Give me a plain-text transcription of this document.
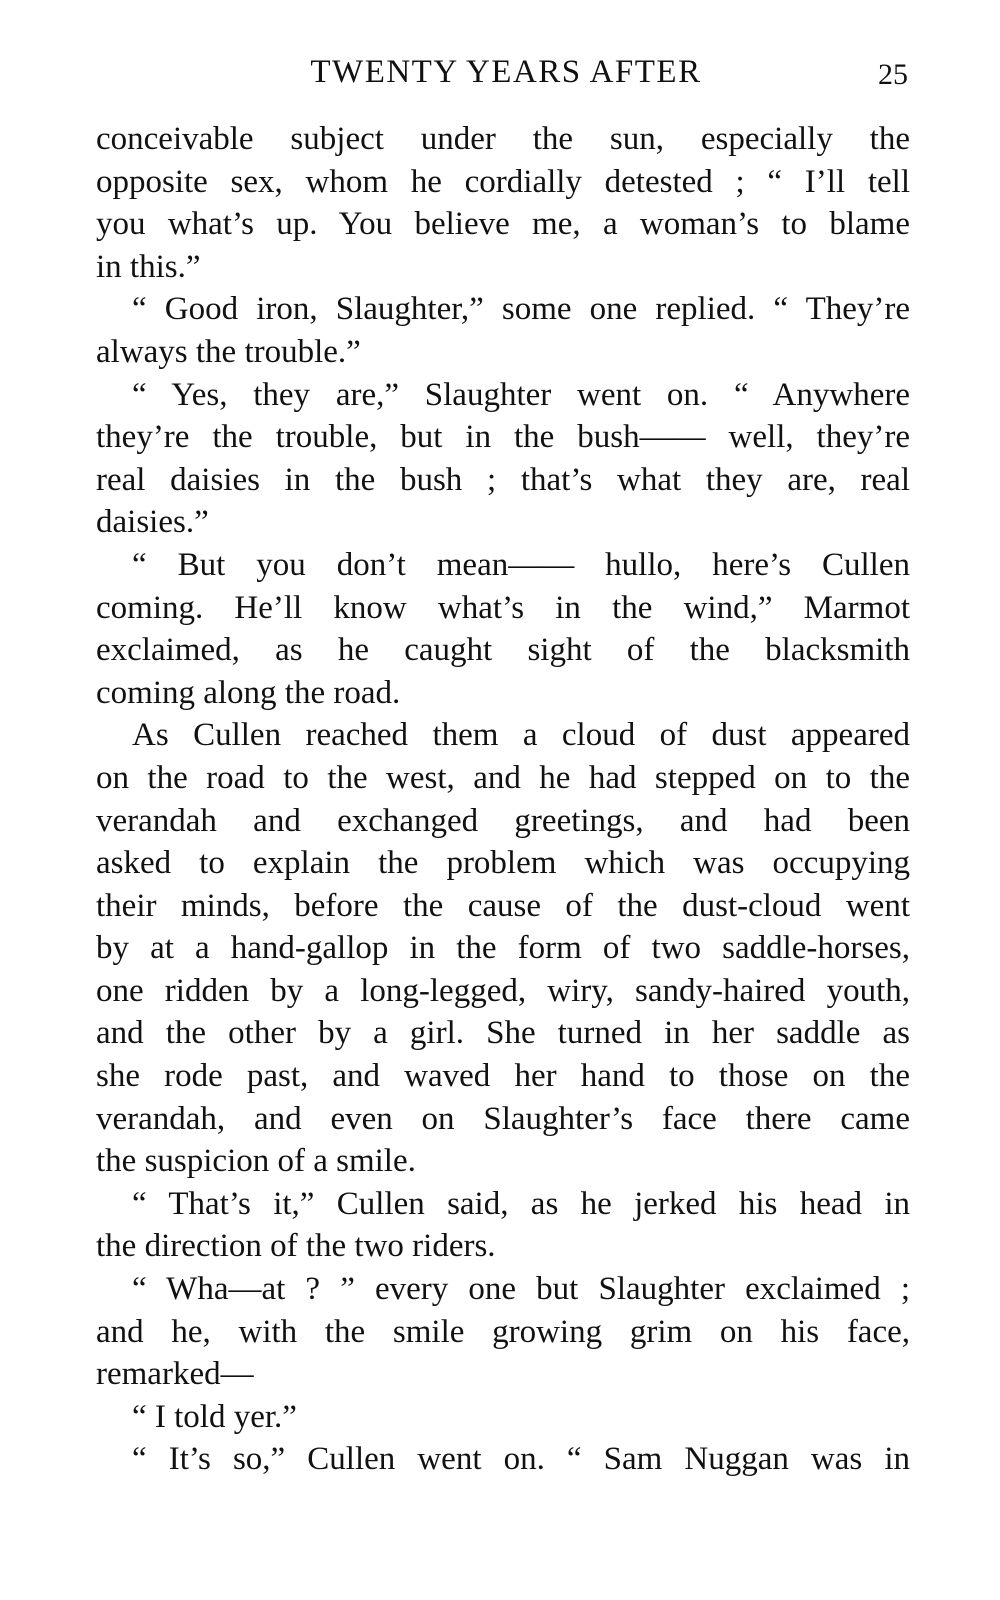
TWENTY YEARS AFTER	25
conceivable subject under the sun, especially the
opposite sex, whom he cordially detested ; “ I’ll tell
you what’s up. You believe me, a woman’s to blame
in this.”
“ Good iron, Slaughter,” some one replied. “ They’re
always the trouble.”
“ Yes, they are,” Slaughter went on. “ Anywhere
they’re the trouble, but in the bush—— well, they’re
real daisies in the bush ; that’s what they are, real
daisies.”
“ But you don’t mean—— hullo, here’s Cullen
coming. He’ll know what’s in the wind,” Marmot
exclaimed, as he caught sight of the blacksmith
coming along the road.
As Cullen reached them a cloud of dust appeared
on the road to the west, and he had stepped on to the
verandah and exchanged greetings, and had been
asked to explain the problem which was occupying
their minds, before the cause of the dust-cloud went
by at a hand-gallop in the form of two saddle-horses,
one ridden by a long-legged, wiry, sandy-haired youth,
and the other by a girl. She turned in her saddle as
she rode past, and waved her hand to those on the
verandah, and even on Slaughter’s face there came
the suspicion of a smile.
“ That’s it,” Cullen said, as he jerked his head in
the direction of the two riders.
“ Wha—at ? ” every one but Slaughter exclaimed ;
and he, with the smile growing grim on his face,
remarked—
“ I told yer.”
“ It’s so,” Cullen went on. “ Sam Nuggan was in
